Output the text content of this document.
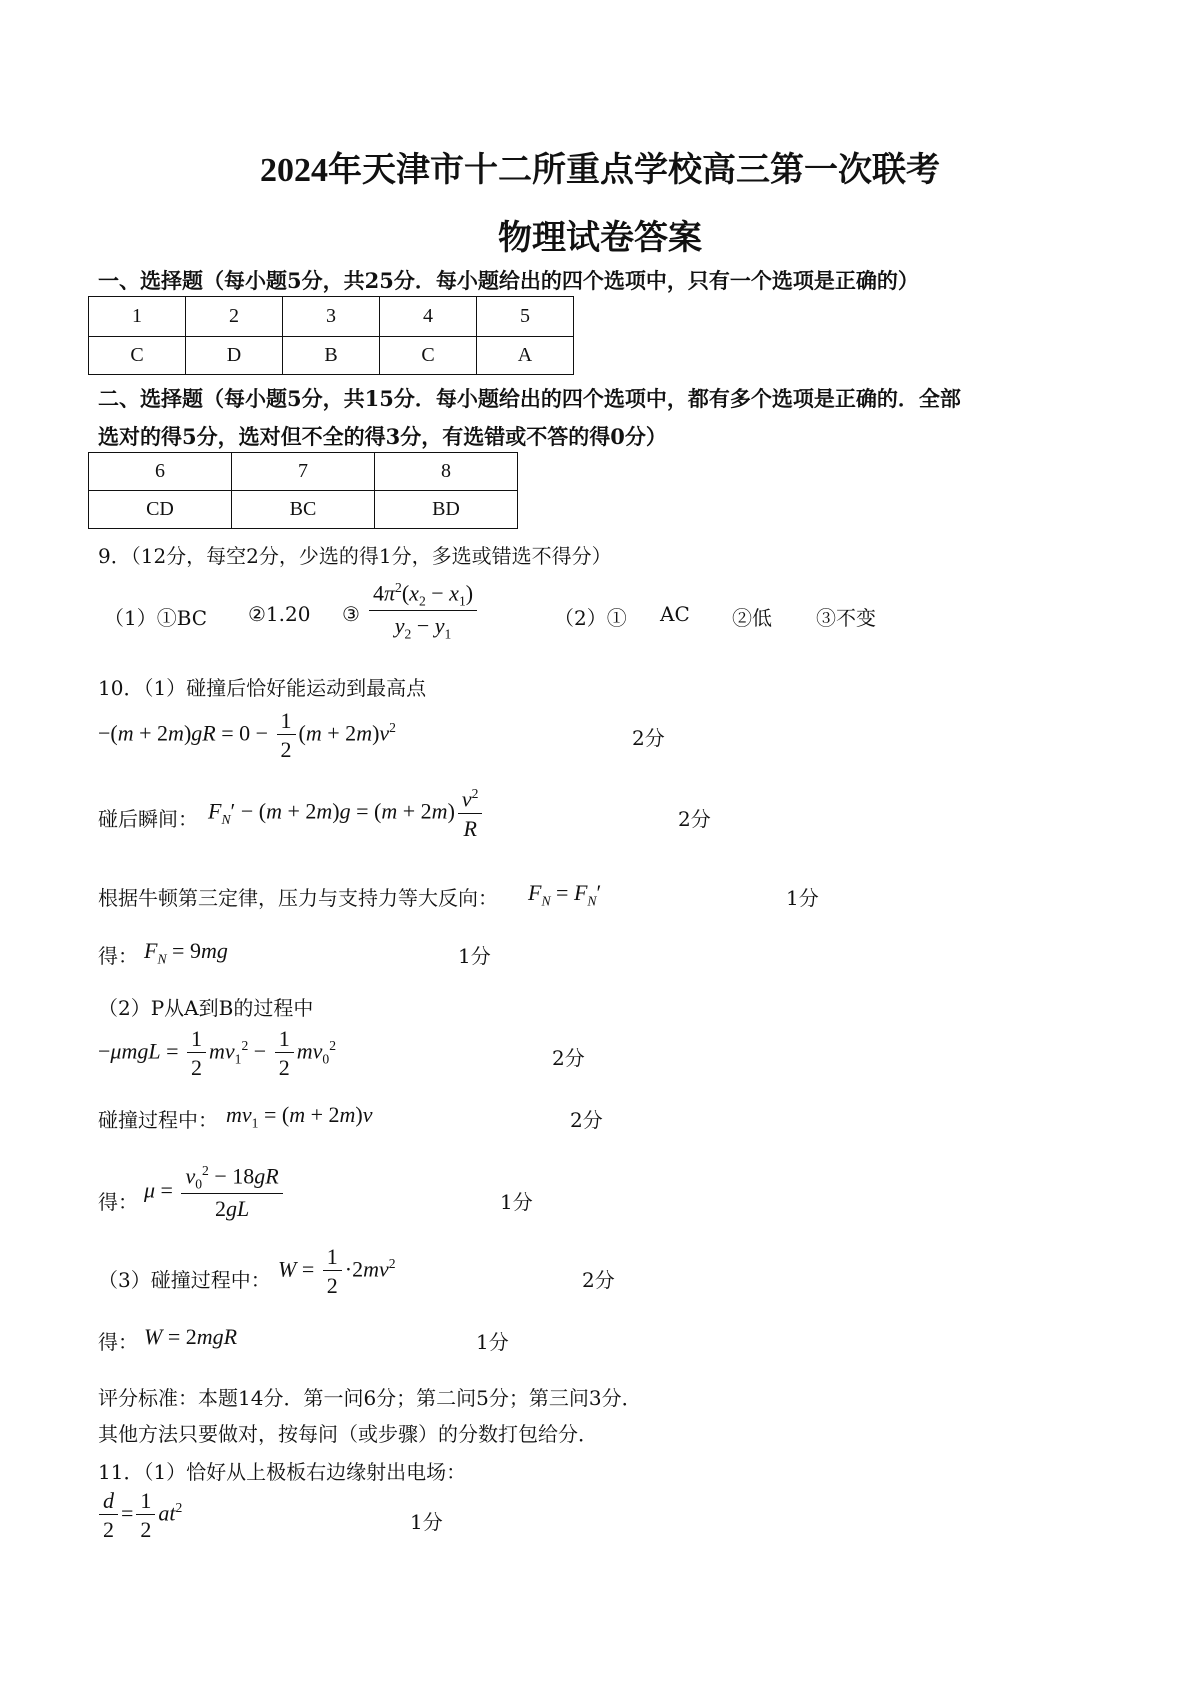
2024年天津市十二所重点学校高三第一次联考
物理试卷答案
一、选择题（每小题5分，共25分．每小题给出的四个选项中，只有一个选项是正确的）
1	2	3	4	5
C	D	B	C	A
二、选择题（每小题5分，共15分．每小题给出的四个选项中，都有多个选项是正确的．全部
选对的得5分，选对但不全的得3分，有选错或不答的得0分）
6	7	8
CD	BC	BD
9．（12分，每空2分，少选的得1分，多选或错选不得分）
（1）①BC ②1.20 ③ $\frac{4\pi^2(x_2 - x_1)}{y_2 - y_1}$	（2）① AC ②低 ③不变
10．（1）碰撞后恰好能运动到最高点
$-(m + 2m)gR = 0 - \frac{1}{2} (m + 2m)v^2$	2分
碰后瞬间： $F_N' - (m + 2m)g = (m + 2m) \frac{v^2}{R}$	2分
根据牛顿第三定律，压力与支持力等大反向： $F_N = F_N'$	1分
得： $F_N = 9mg$	1分
（2）P从A到B的过程中
$-\mu mgL = \frac{1}{2} mv_1^2 - \frac{1}{2} mv_0^2$
2分
碰撞过程中： $mv_1 = (m + 2m)v$	2分
得： $\mu = \frac{v_0^2 - 18gR}{2gL}$	1分
（3）碰撞过程中： $W = \frac{1}{2} \cdot 2mv^2$
2分
得： W = 2mgR	1分
评分标准：本题14分．第一问6分；第二问5分；第三问3分．
其他方法只要做对，按每问（或步骤）的分数打包给分．
11．（1）恰好从上极板右边缘射出电场：
$\frac{d}{2} = \frac{1}{2} at^2$
1分
